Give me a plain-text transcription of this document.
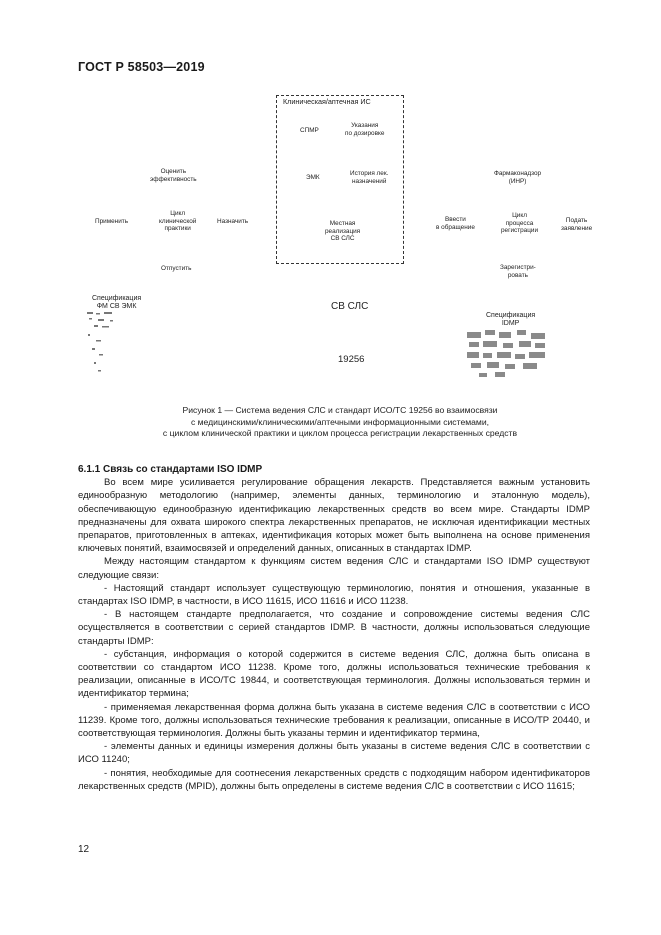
ГОСТ Р 58503—2019
Клиническая/аптечная ИС
СПМР
Указания
по дозировке
ЭМК
История лек.
назначений
Местная
реализация
СВ СЛС
Оценить
эффективность
Применить
Цикл
клинической
практики
Назначить
Отпустить
Фармаконадзор
(ИНР)
Ввести
в обращение
Цикл
процесса
регистрации
Подать
заявление
Зарегистри-
ровать
Спецификация
ФМ СВ ЭМК	СВ СЛС
19256
Спецификация
IDMP
Рисунок 1 — Система ведения СЛС и стандарт ИСО/ТС 19256 во взаимосвязи
с медицинскими/клиническими/аптечными информационными системами,
с циклом клинической практики и циклом процесса регистрации лекарственных средств

6.1.1 Связь со стандартами ISO IDMP

Во всем мире усиливается регулирование обращения лекарств. Представляется важным установить единообразную методологию (например, элементы данных, терминологию и эталонную модель), обеспечивающую единообразную идентификацию лекарственных средств во всем мире. Стандарты IDMP предназначены для охвата широкого спектра лекарственных препаратов, не исключая идентификации местных препаратов, приготовленных в аптеках, идентификация которых может быть выполнена на основе применения ключевых понятий, взаимосвязей и определений данных, описанных в стандартах IDMP.

Между настоящим стандартом к функциям систем ведения СЛС и стандартами ISO IDMP существуют следующие связи:

- Настоящий стандарт использует существующую терминологию, понятия и отношения, указанные в стандартах ISO IDMP, в частности, в ИСО 11615, ИСО 11616 и ИСО 11238.

- В настоящем стандарте предполагается, что создание и сопровождение системы ведения СЛС осуществляется в соответствии с серией стандартов IDMP. В частности, должны использоваться следующие стандарты IDMP:

- субстанция, информация о которой содержится в системе ведения СЛС, должна быть описана в соответствии со стандартом ИСО 11238. Кроме того, должны использоваться технические требования к реализации, описанные в ИСО/ТС 19844, и соответствующая терминология. Должны использоваться термин и идентификатор термина;

- применяемая лекарственная форма должна быть указана в системе ведения СЛС в соответствии с ИСО 11239. Кроме того, должны использоваться технические требования к реализации, описанные в ИСО/ТР 20440, и соответствующая терминология. Должны быть указаны термин и идентификатор термина,

- элементы данных и единицы измерения должны быть указаны в системе ведения СЛС в соответствии с ИСО 11240;

- понятия, необходимые для соотнесения лекарственных средств с подходящим набором идентификаторов лекарственных средств (MPID), должны быть определены в системе ведения СЛС в соответствии с ИСО 11615;

12
